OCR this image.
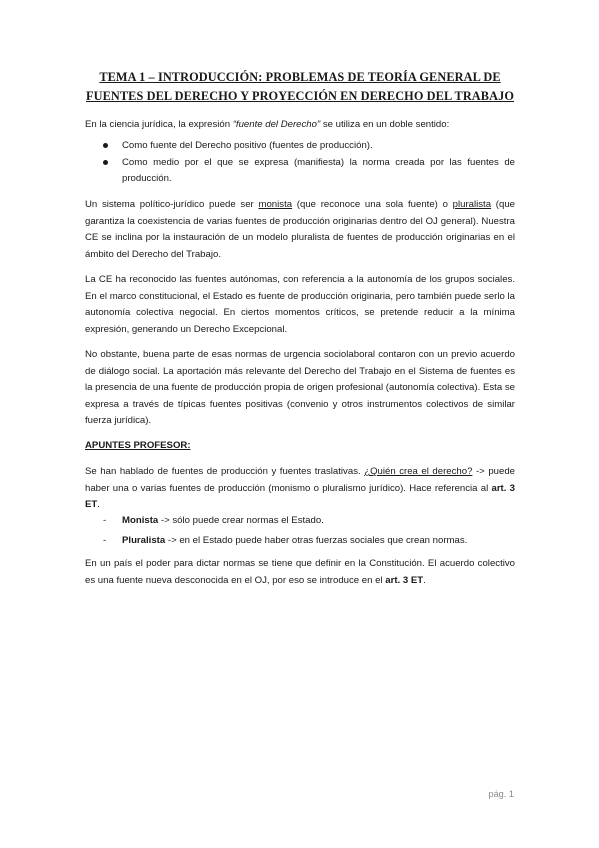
TEMA 1 – INTRODUCCIÓN: PROBLEMAS DE TEORÍA GENERAL DE
FUENTES DEL DERECHO Y PROYECCIÓN EN DERECHO DEL TRABAJO
En la ciencia jurídica, la expresión “fuente del Derecho” se utiliza en un doble sentido:
Como fuente del Derecho positivo (fuentes de producción).
Como medio por el que se expresa (manifiesta) la norma creada por las fuentes de producción.
Un sistema político-jurídico puede ser monista (que reconoce una sola fuente) o pluralista (que garantiza la coexistencia de varias fuentes de producción originarias dentro del OJ general). Nuestra CE se inclina por la instauración de un modelo pluralista de fuentes de producción originarias en el ámbito del Derecho del Trabajo.
La CE ha reconocido las fuentes autónomas, con referencia a la autonomía de los grupos sociales. En el marco constitucional, el Estado es fuente de producción originaria, pero también puede serlo la autonomía colectiva negocial. En ciertos momentos críticos, se pretende reducir a la mínima expresión, generando un Derecho Excepcional.
No obstante, buena parte de esas normas de urgencia sociolaboral contaron con un previo acuerdo de diálogo social. La aportación más relevante del Derecho del Trabajo en el Sistema de fuentes es la presencia de una fuente de producción propia de origen profesional (autonomía colectiva). Esta se expresa a través de típicas fuentes positivas (convenio y otros instrumentos colectivos de similar fuerza jurídica).
APUNTES PROFESOR:
Se han hablado de fuentes de producción y fuentes traslativas. ¿Quién crea el derecho? -> puede haber una o varias fuentes de producción (monismo o pluralismo jurídico). Hace referencia al art. 3 ET.
- Monista -> sólo puede crear normas el Estado.
- Pluralista -> en el Estado puede haber otras fuerzas sociales que crean normas.
En un país el poder para dictar normas se tiene que definir en la Constitución. El acuerdo colectivo es una fuente nueva desconocida en el OJ, por eso se introduce en el art. 3 ET.
pág. 1
